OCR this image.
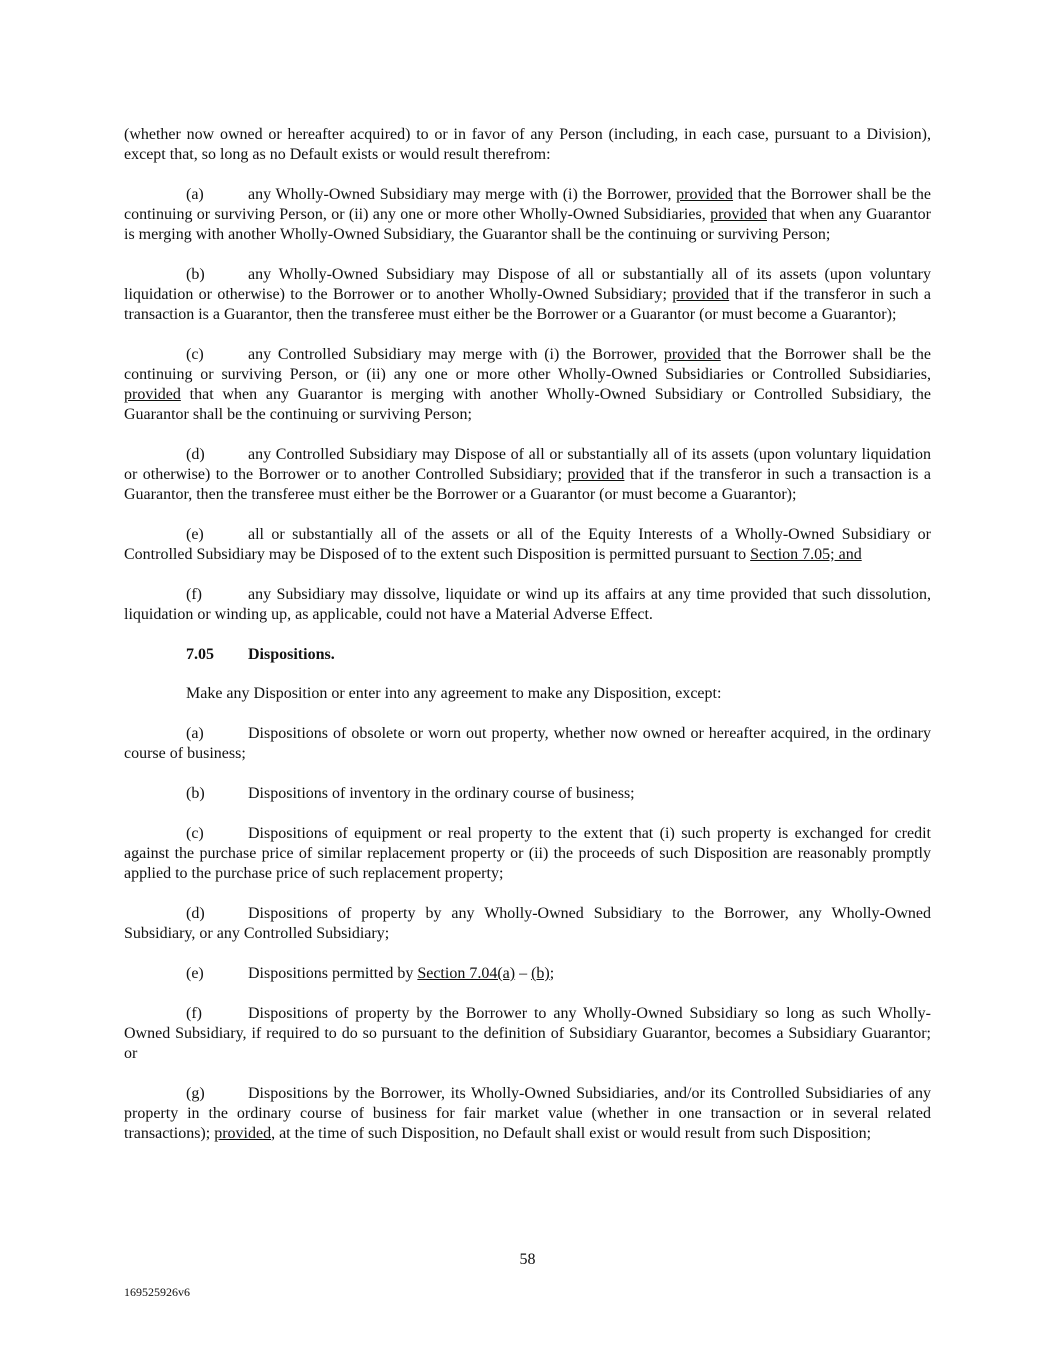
(whether now owned or hereafter acquired) to or in favor of any Person (including, in each case, pursuant to a Division), except that, so long as no Default exists or would result therefrom:

(a)	any Wholly-Owned Subsidiary may merge with (i) the Borrower, provided that the Borrower shall be the continuing or surviving Person, or (ii) any one or more other Wholly-Owned Subsidiaries, provided that when any Guarantor is merging with another Wholly-Owned Subsidiary, the Guarantor shall be the continuing or surviving Person;

(b)	any Wholly-Owned Subsidiary may Dispose of all or substantially all of its assets (upon voluntary liquidation or otherwise) to the Borrower or to another Wholly-Owned Subsidiary; provided that if the transferor in such a transaction is a Guarantor, then the transferee must either be the Borrower or a Guarantor (or must become a Guarantor);

(c)	any Controlled Subsidiary may merge with (i) the Borrower, provided that the Borrower shall be the continuing or surviving Person, or (ii) any one or more other Wholly-Owned Subsidiaries or Controlled Subsidiaries, provided that when any Guarantor is merging with another Wholly-Owned Subsidiary or Controlled Subsidiary, the Guarantor shall be the continuing or surviving Person;

(d)	any Controlled Subsidiary may Dispose of all or substantially all of its assets (upon voluntary liquidation or otherwise) to the Borrower or to another Controlled Subsidiary; provided that if the transferor in such a transaction is a Guarantor, then the transferee must either be the Borrower or a Guarantor (or must become a Guarantor);

(e)	all or substantially all of the assets or all of the Equity Interests of a Wholly-Owned Subsidiary or Controlled Subsidiary may be Disposed of to the extent such Disposition is permitted pursuant to Section 7.05; and

(f)	any Subsidiary may dissolve, liquidate or wind up its affairs at any time provided that such dissolution, liquidation or winding up, as applicable, could not have a Material Adverse Effect.

7.05 Dispositions.

Make any Disposition or enter into any agreement to make any Disposition, except:

(a)	Dispositions of obsolete or worn out property, whether now owned or hereafter acquired, in the ordinary course of business;

(b)	Dispositions of inventory in the ordinary course of business;

(c)	Dispositions of equipment or real property to the extent that (i) such property is exchanged for credit against the purchase price of similar replacement property or (ii) the proceeds of such Disposition are reasonably promptly applied to the purchase price of such replacement property;

(d)	Dispositions of property by any Wholly-Owned Subsidiary to the Borrower, any Wholly-Owned Subsidiary, or any Controlled Subsidiary;

(e)	Dispositions permitted by Section 7.04(a) – (b);

(f)	Dispositions of property by the Borrower to any Wholly-Owned Subsidiary so long as such Wholly-Owned Subsidiary, if required to do so pursuant to the definition of Subsidiary Guarantor, becomes a Subsidiary Guarantor; or

(g)	Dispositions by the Borrower, its Wholly-Owned Subsidiaries, and/or its Controlled Subsidiaries of any property in the ordinary course of business for fair market value (whether in one transaction or in several related transactions); provided, at the time of such Disposition, no Default shall exist or would result from such Disposition;

58
169525926v6
